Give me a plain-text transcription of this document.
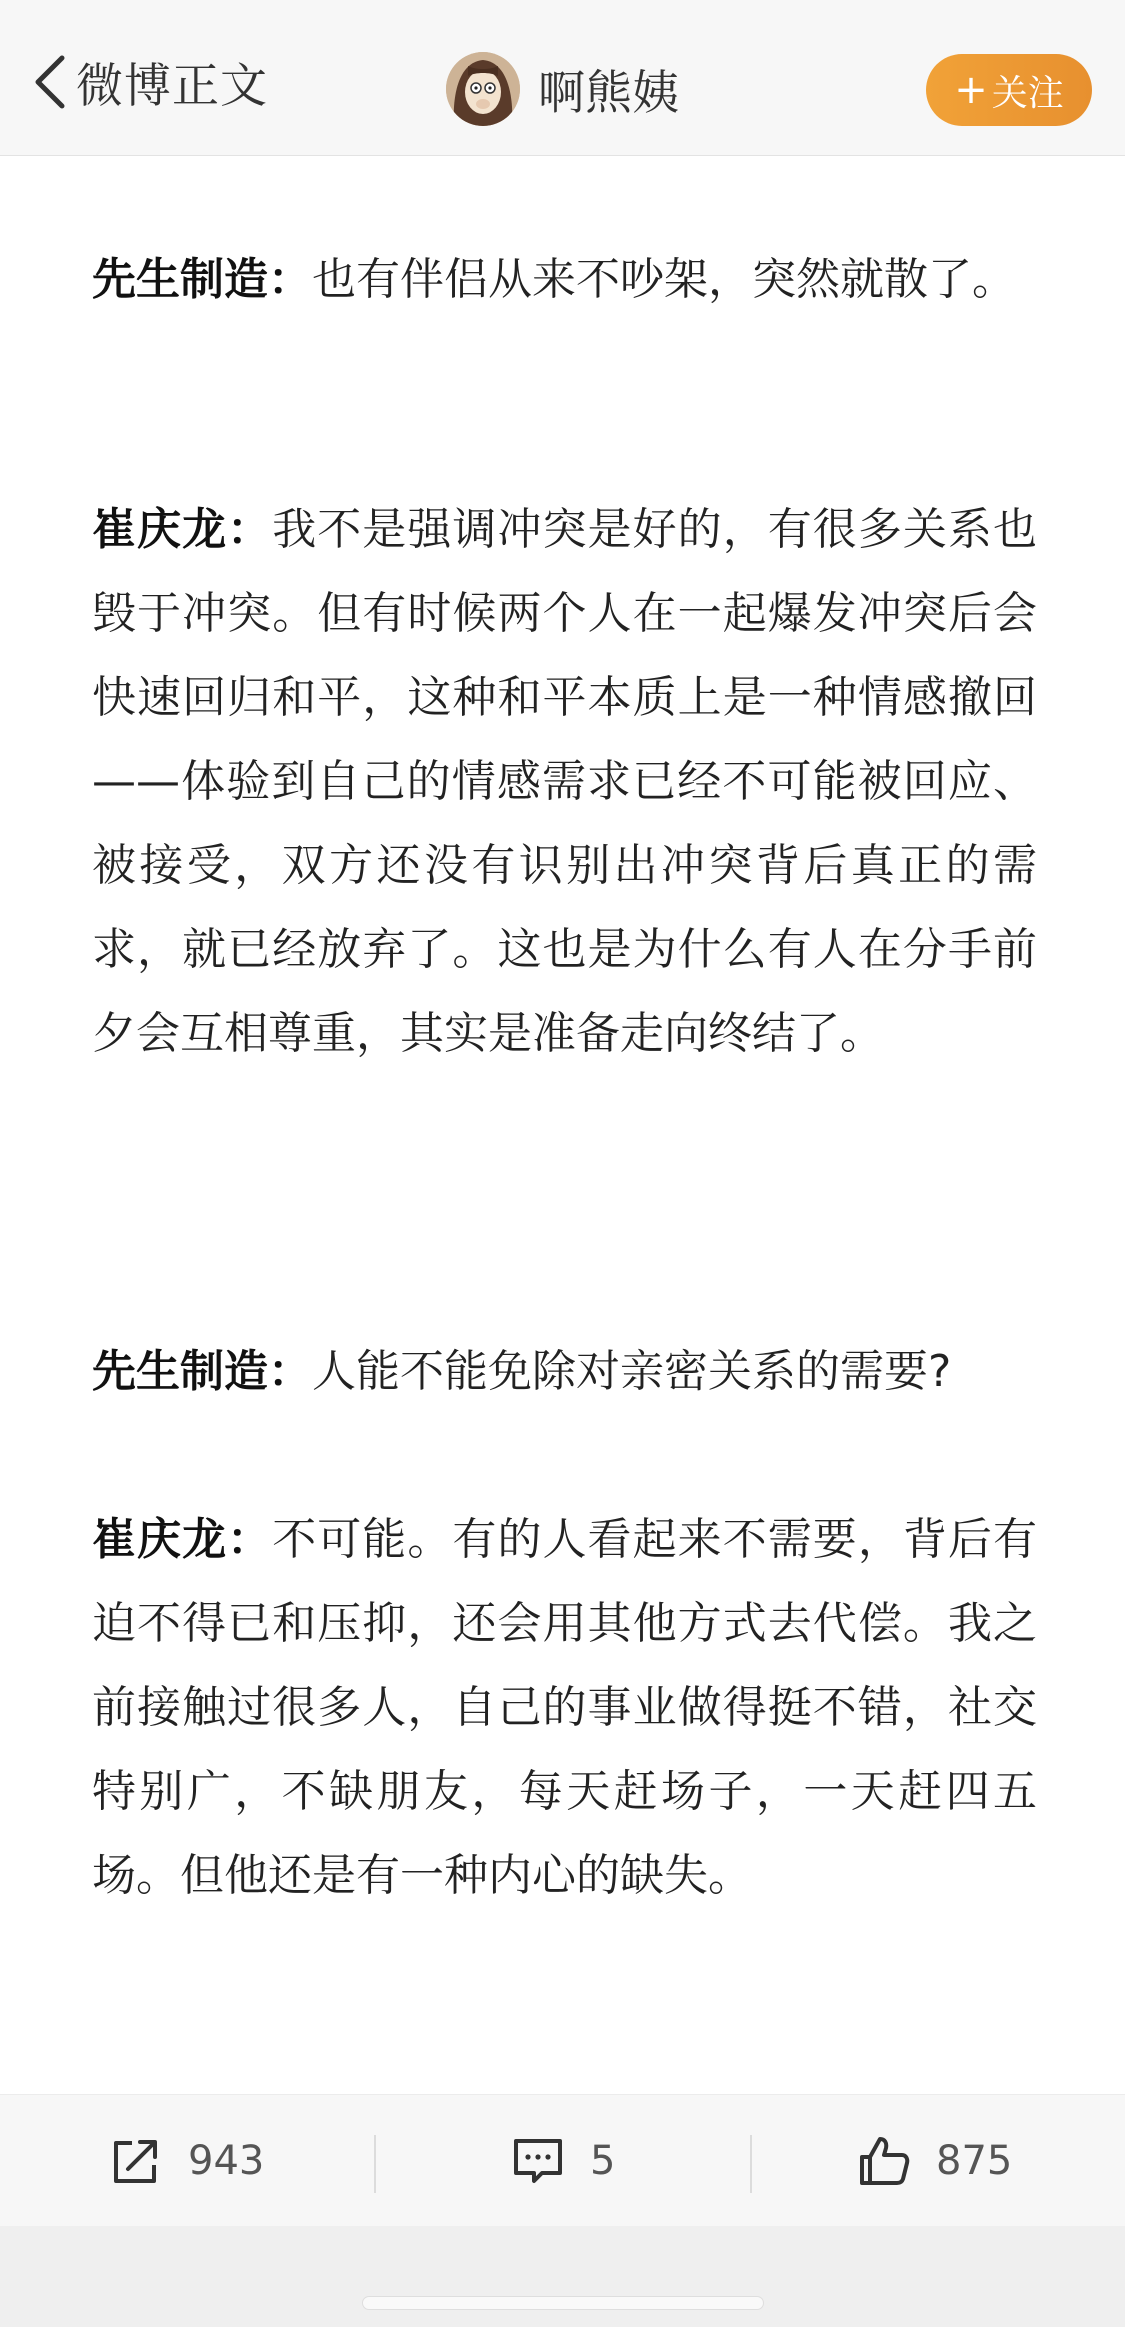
微博正文	啊熊姨	+ 关注

先生制造：也有伴侣从来不吵架，突然就散了。

崔庆龙：我不是强调冲突是好的，有很多关系也毁于冲突。但有时候两个人在一起爆发冲突后会快速回归和平，这种和平本质上是一种情感撤回——体验到自己的情感需求已经不可能被回应、被接受，双方还没有识别出冲突背后真正的需求，就已经放弃了。这也是为什么有人在分手前夕会互相尊重，其实是准备走向终结了。

先生制造：人能不能免除对亲密关系的需要?

崔庆龙：不可能。有的人看起来不需要，背后有迫不得已和压抑，还会用其他方式去代偿。我之前接触过很多人，自己的事业做得挺不错，社交特别广，不缺朋友，每天赶场子，一天赶四五场。但他还是有一种内心的缺失。

943	5	875
